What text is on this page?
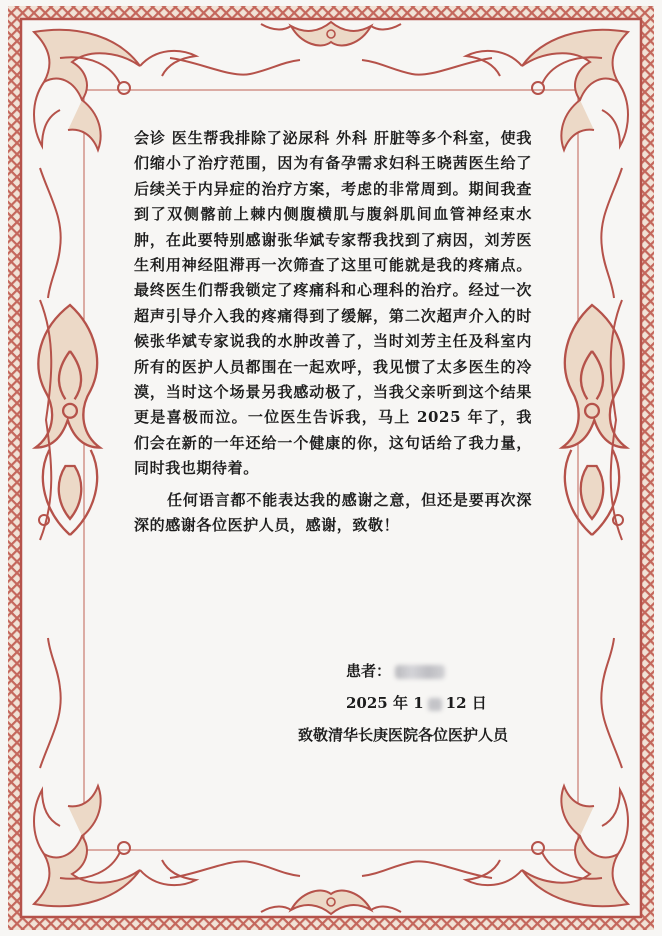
会诊 医生帮我排除了泌尿科 外科 肝脏等多个科室，使我们缩小了治疗范围，因为有备孕需求妇科王晓茜医生给了后续关于内异症的治疗方案，考虑的非常周到。期间我查到了双侧髂前上棘内侧腹横肌与腹斜肌间血管神经束水肿，在此要特别感谢张华斌专家帮我找到了病因，刘芳医生利用神经阻滞再一次筛查了这里可能就是我的疼痛点。最终医生们帮我锁定了疼痛科和心理科的治疗。经过一次超声引导介入我的疼痛得到了缓解，第二次超声介入的时候张华斌专家说我的水肿改善了，当时刘芳主任及科室内所有的医护人员都围在一起欢呼，我见惯了太多医生的冷漠，当时这个场景另我感动极了，当我父亲听到这个结果更是喜极而泣。一位医生告诉我，马上 2025 年了，我们会在新的一年还给一个健康的你，这句话给了我力量，同时我也期待着。

任何语言都不能表达我的感谢之意，但还是要再次深深的感谢各位医护人员，感谢，致敬！

患者：
2025 年 1 12 日
致敬清华长庚医院各位医护人员
